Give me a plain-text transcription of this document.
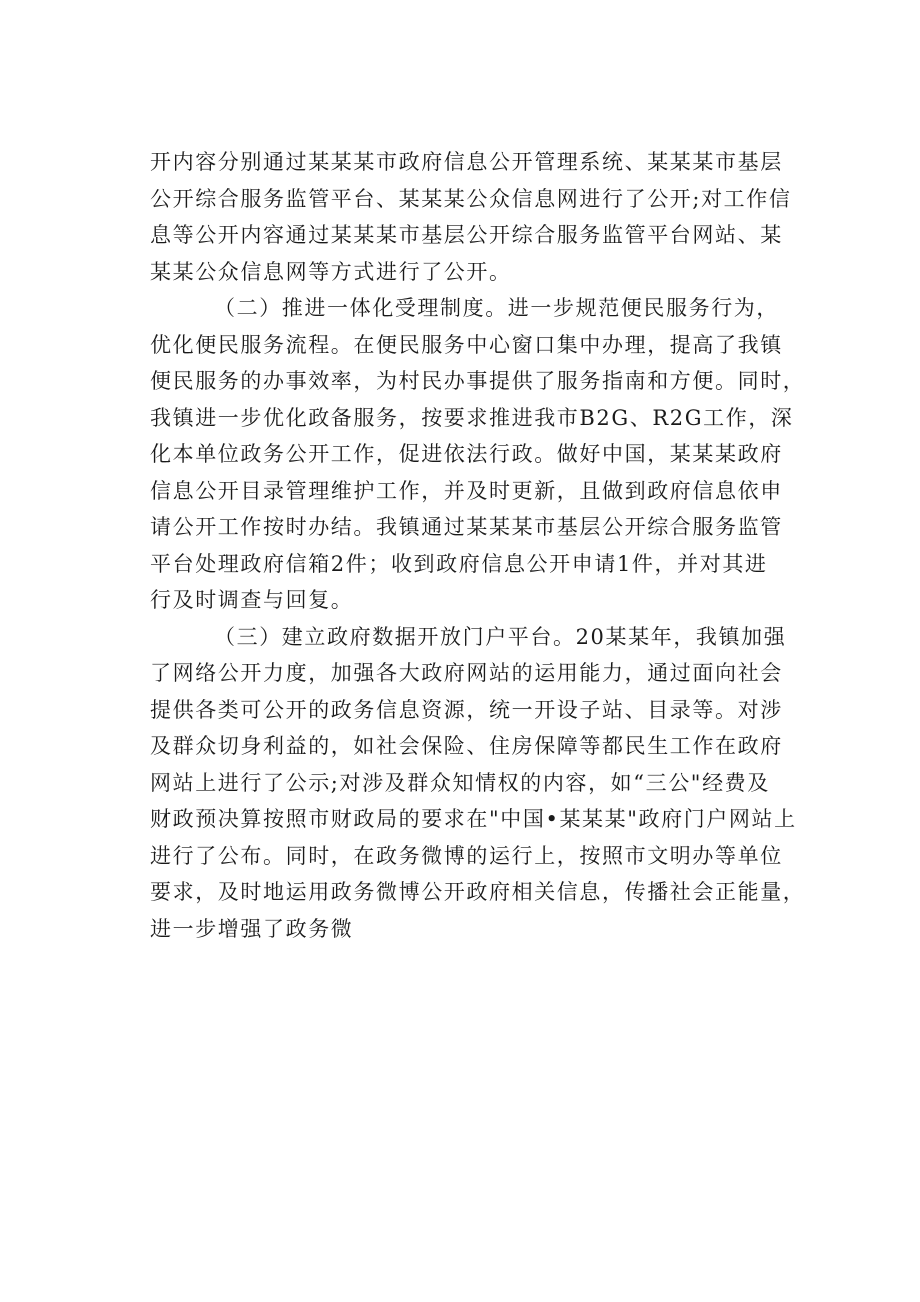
开内容分别通过某某某市政府信息公开管理系统、某某某市基层
公开综合服务监管平台、某某某公众信息网进行了公开;对工作信
息等公开内容通过某某某市基层公开综合服务监管平台网站、某
某某公众信息网等方式进行了公开。

（二）推进一体化受理制度。进一步规范便民服务行为，
优化便民服务流程。在便民服务中心窗口集中办理，提高了我镇
便民服务的办事效率，为村民办事提供了服务指南和方便。同时，
我镇进一步优化政备服务，按要求推进我市B2G、R2G工作，深
化本单位政务公开工作，促进依法行政。做好中国，某某某政府
信息公开目录管理维护工作，并及时更新，且做到政府信息依申
请公开工作按时办结。我镇通过某某某市基层公开综合服务监管
平台处理政府信箱2件；收到政府信息公开申请1件，并对其进
行及时调查与回复。

（三）建立政府数据开放门户平台。20某某年，我镇加强
了网络公开力度，加强各大政府网站的运用能力，通过面向社会
提供各类可公开的政务信息资源，统一开设子站、目录等。对涉
及群众切身利益的，如社会保险、住房保障等都民生工作在政府
网站上进行了公示;对涉及群众知情权的内容，如“三公"经费及
财政预决算按照市财政局的要求在"中国•某某某"政府门户网站上
进行了公布。同时，在政务微博的运行上，按照市文明办等单位
要求，及时地运用政务微博公开政府相关信息，传播社会正能量，
进一步增强了政务微
